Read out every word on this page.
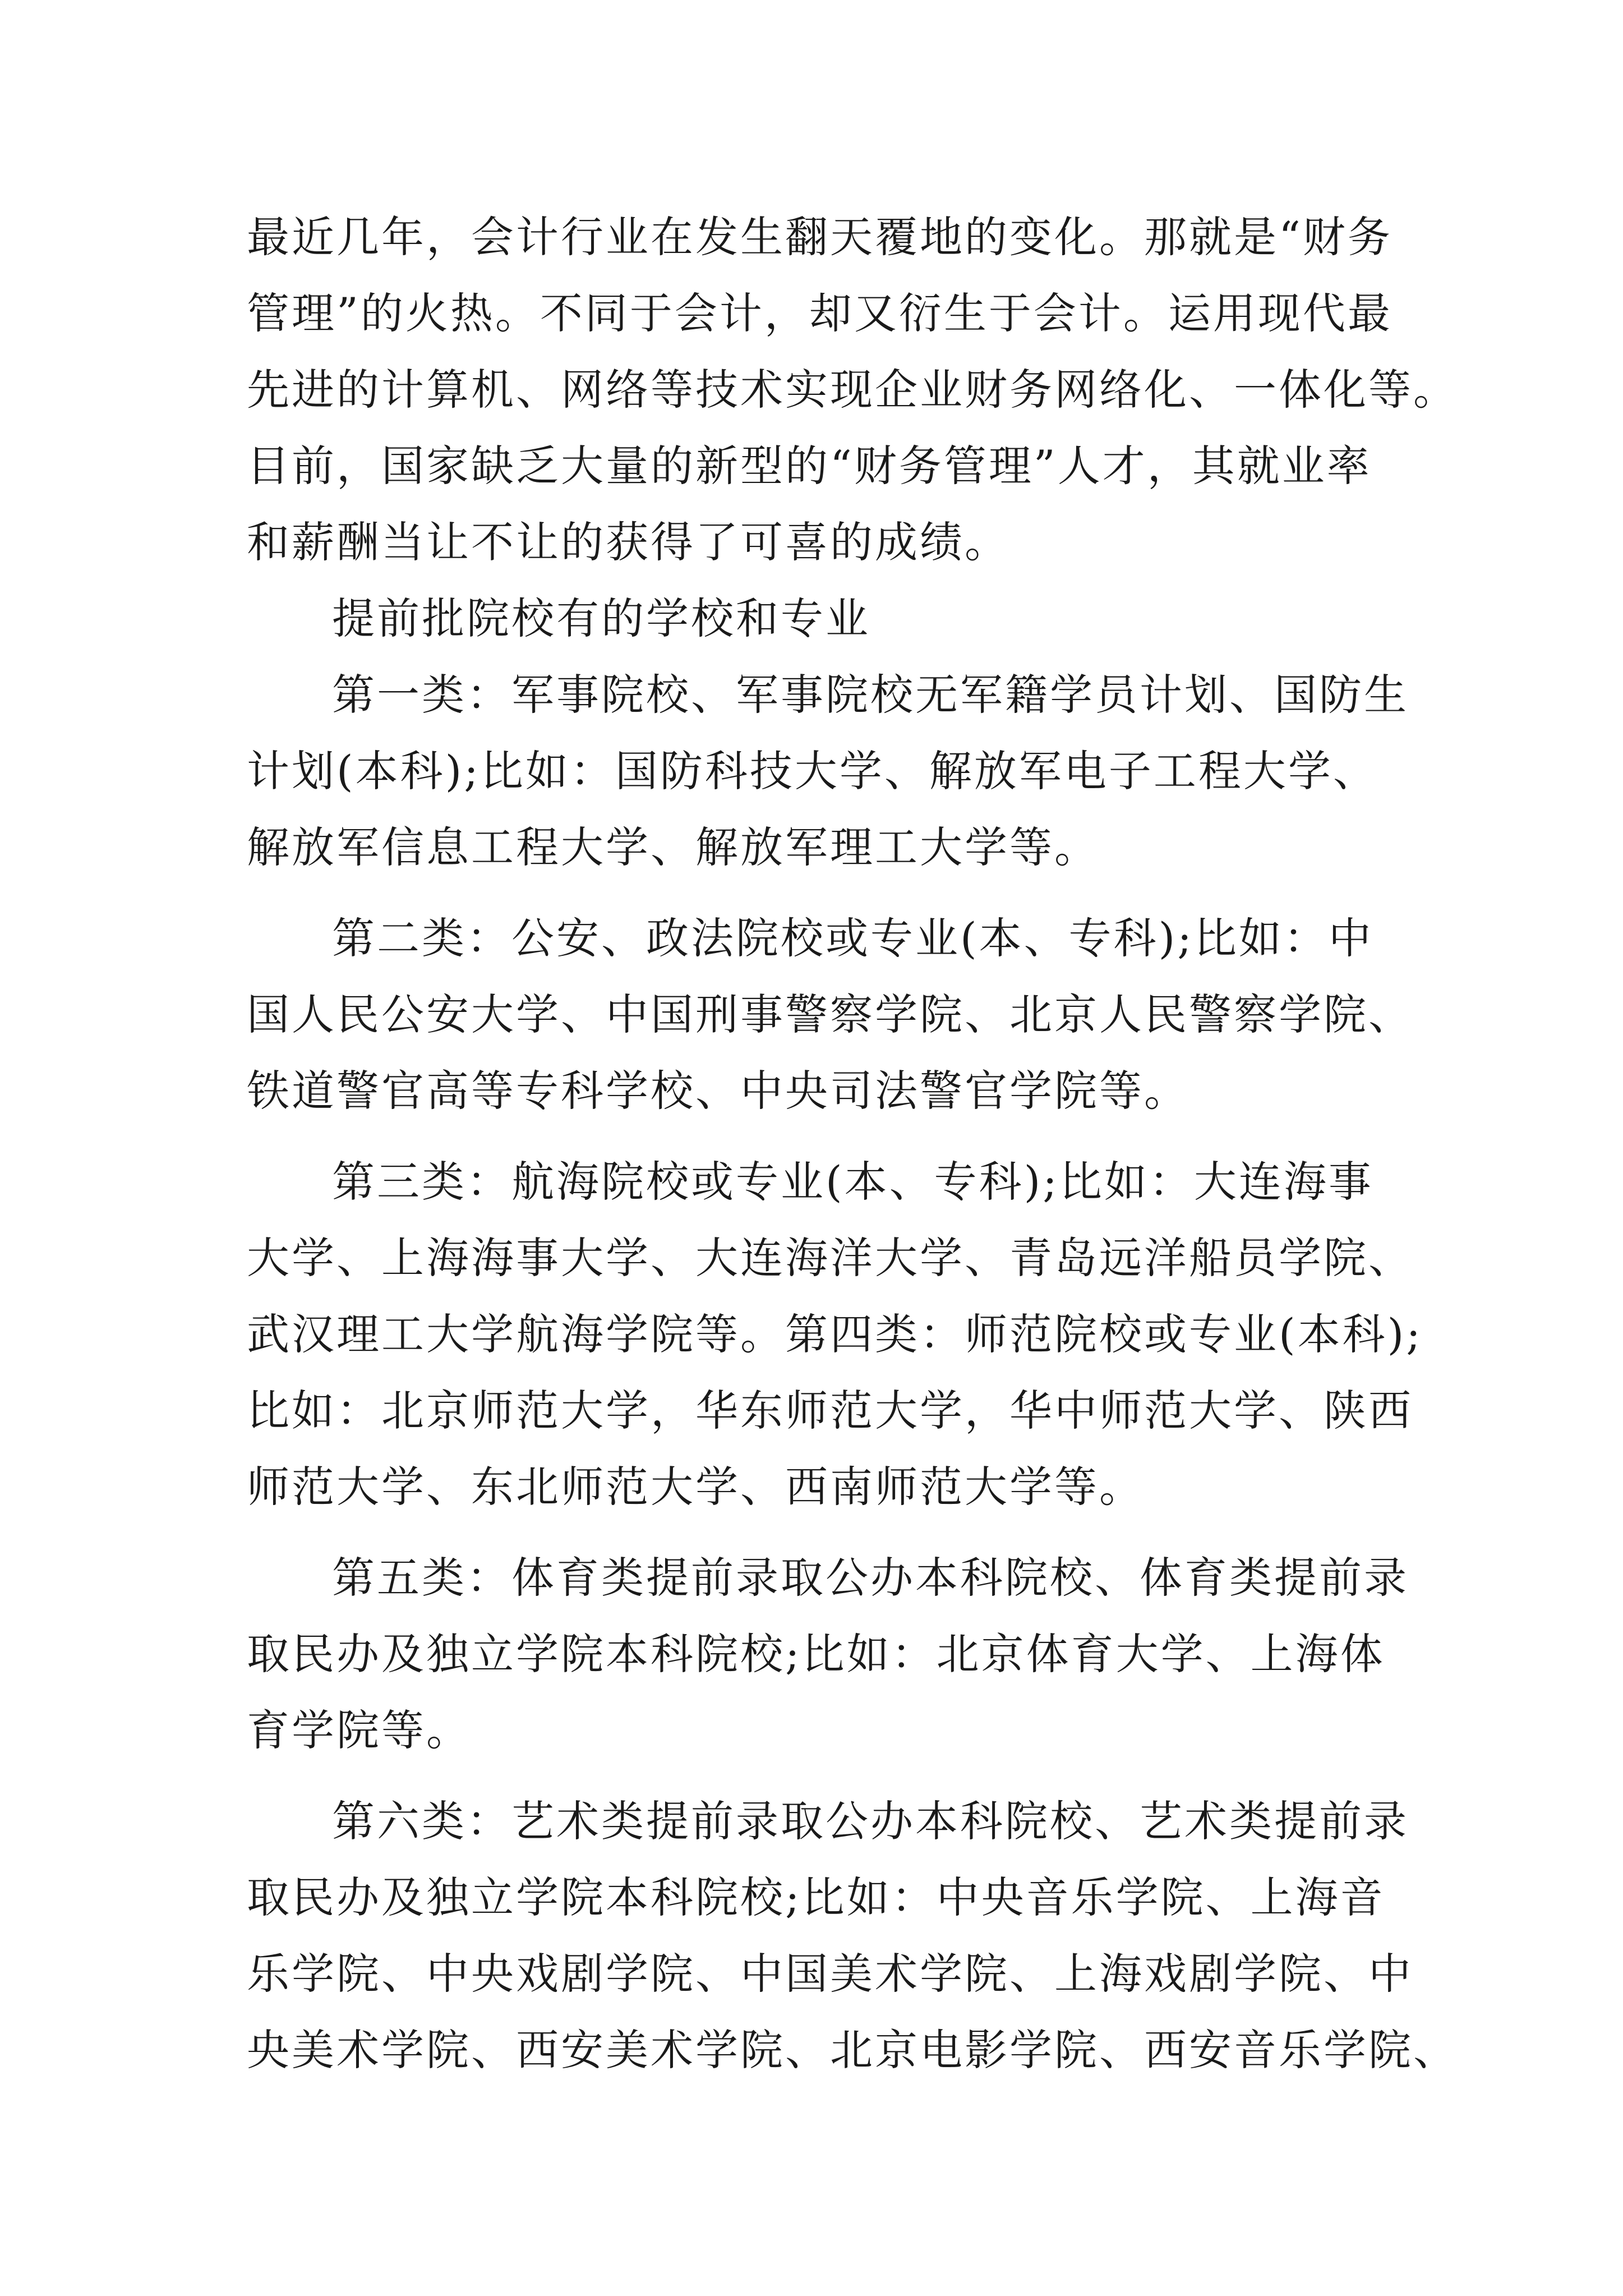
最近几年，会计行业在发生翻天覆地的变化。那就是“财务
管理”的火热。不同于会计，却又衍生于会计。运用现代最
先进的计算机、网络等技术实现企业财务网络化、一体化等。
目前，国家缺乏大量的新型的“财务管理”人才，其就业率
和薪酬当让不让的获得了可喜的成绩。
提前批院校有的学校和专业
第一类：军事院校、军事院校无军籍学员计划、国防生
计划(本科);比如：国防科技大学、解放军电子工程大学、
解放军信息工程大学、解放军理工大学等。
第二类：公安、政法院校或专业(本、专科);比如：中
国人民公安大学、中国刑事警察学院、北京人民警察学院、
铁道警官高等专科学校、中央司法警官学院等。
第三类：航海院校或专业(本、专科);比如：大连海事
大学、上海海事大学、大连海洋大学、青岛远洋船员学院、
武汉理工大学航海学院等。第四类：师范院校或专业(本科);
比如：北京师范大学，华东师范大学，华中师范大学、陕西
师范大学、东北师范大学、西南师范大学等。
第五类：体育类提前录取公办本科院校、体育类提前录
取民办及独立学院本科院校;比如：北京体育大学、上海体
育学院等。
第六类：艺术类提前录取公办本科院校、艺术类提前录
取民办及独立学院本科院校;比如：中央音乐学院、上海音
乐学院、中央戏剧学院、中国美术学院、上海戏剧学院、中
央美术学院、西安美术学院、北京电影学院、西安音乐学院、
